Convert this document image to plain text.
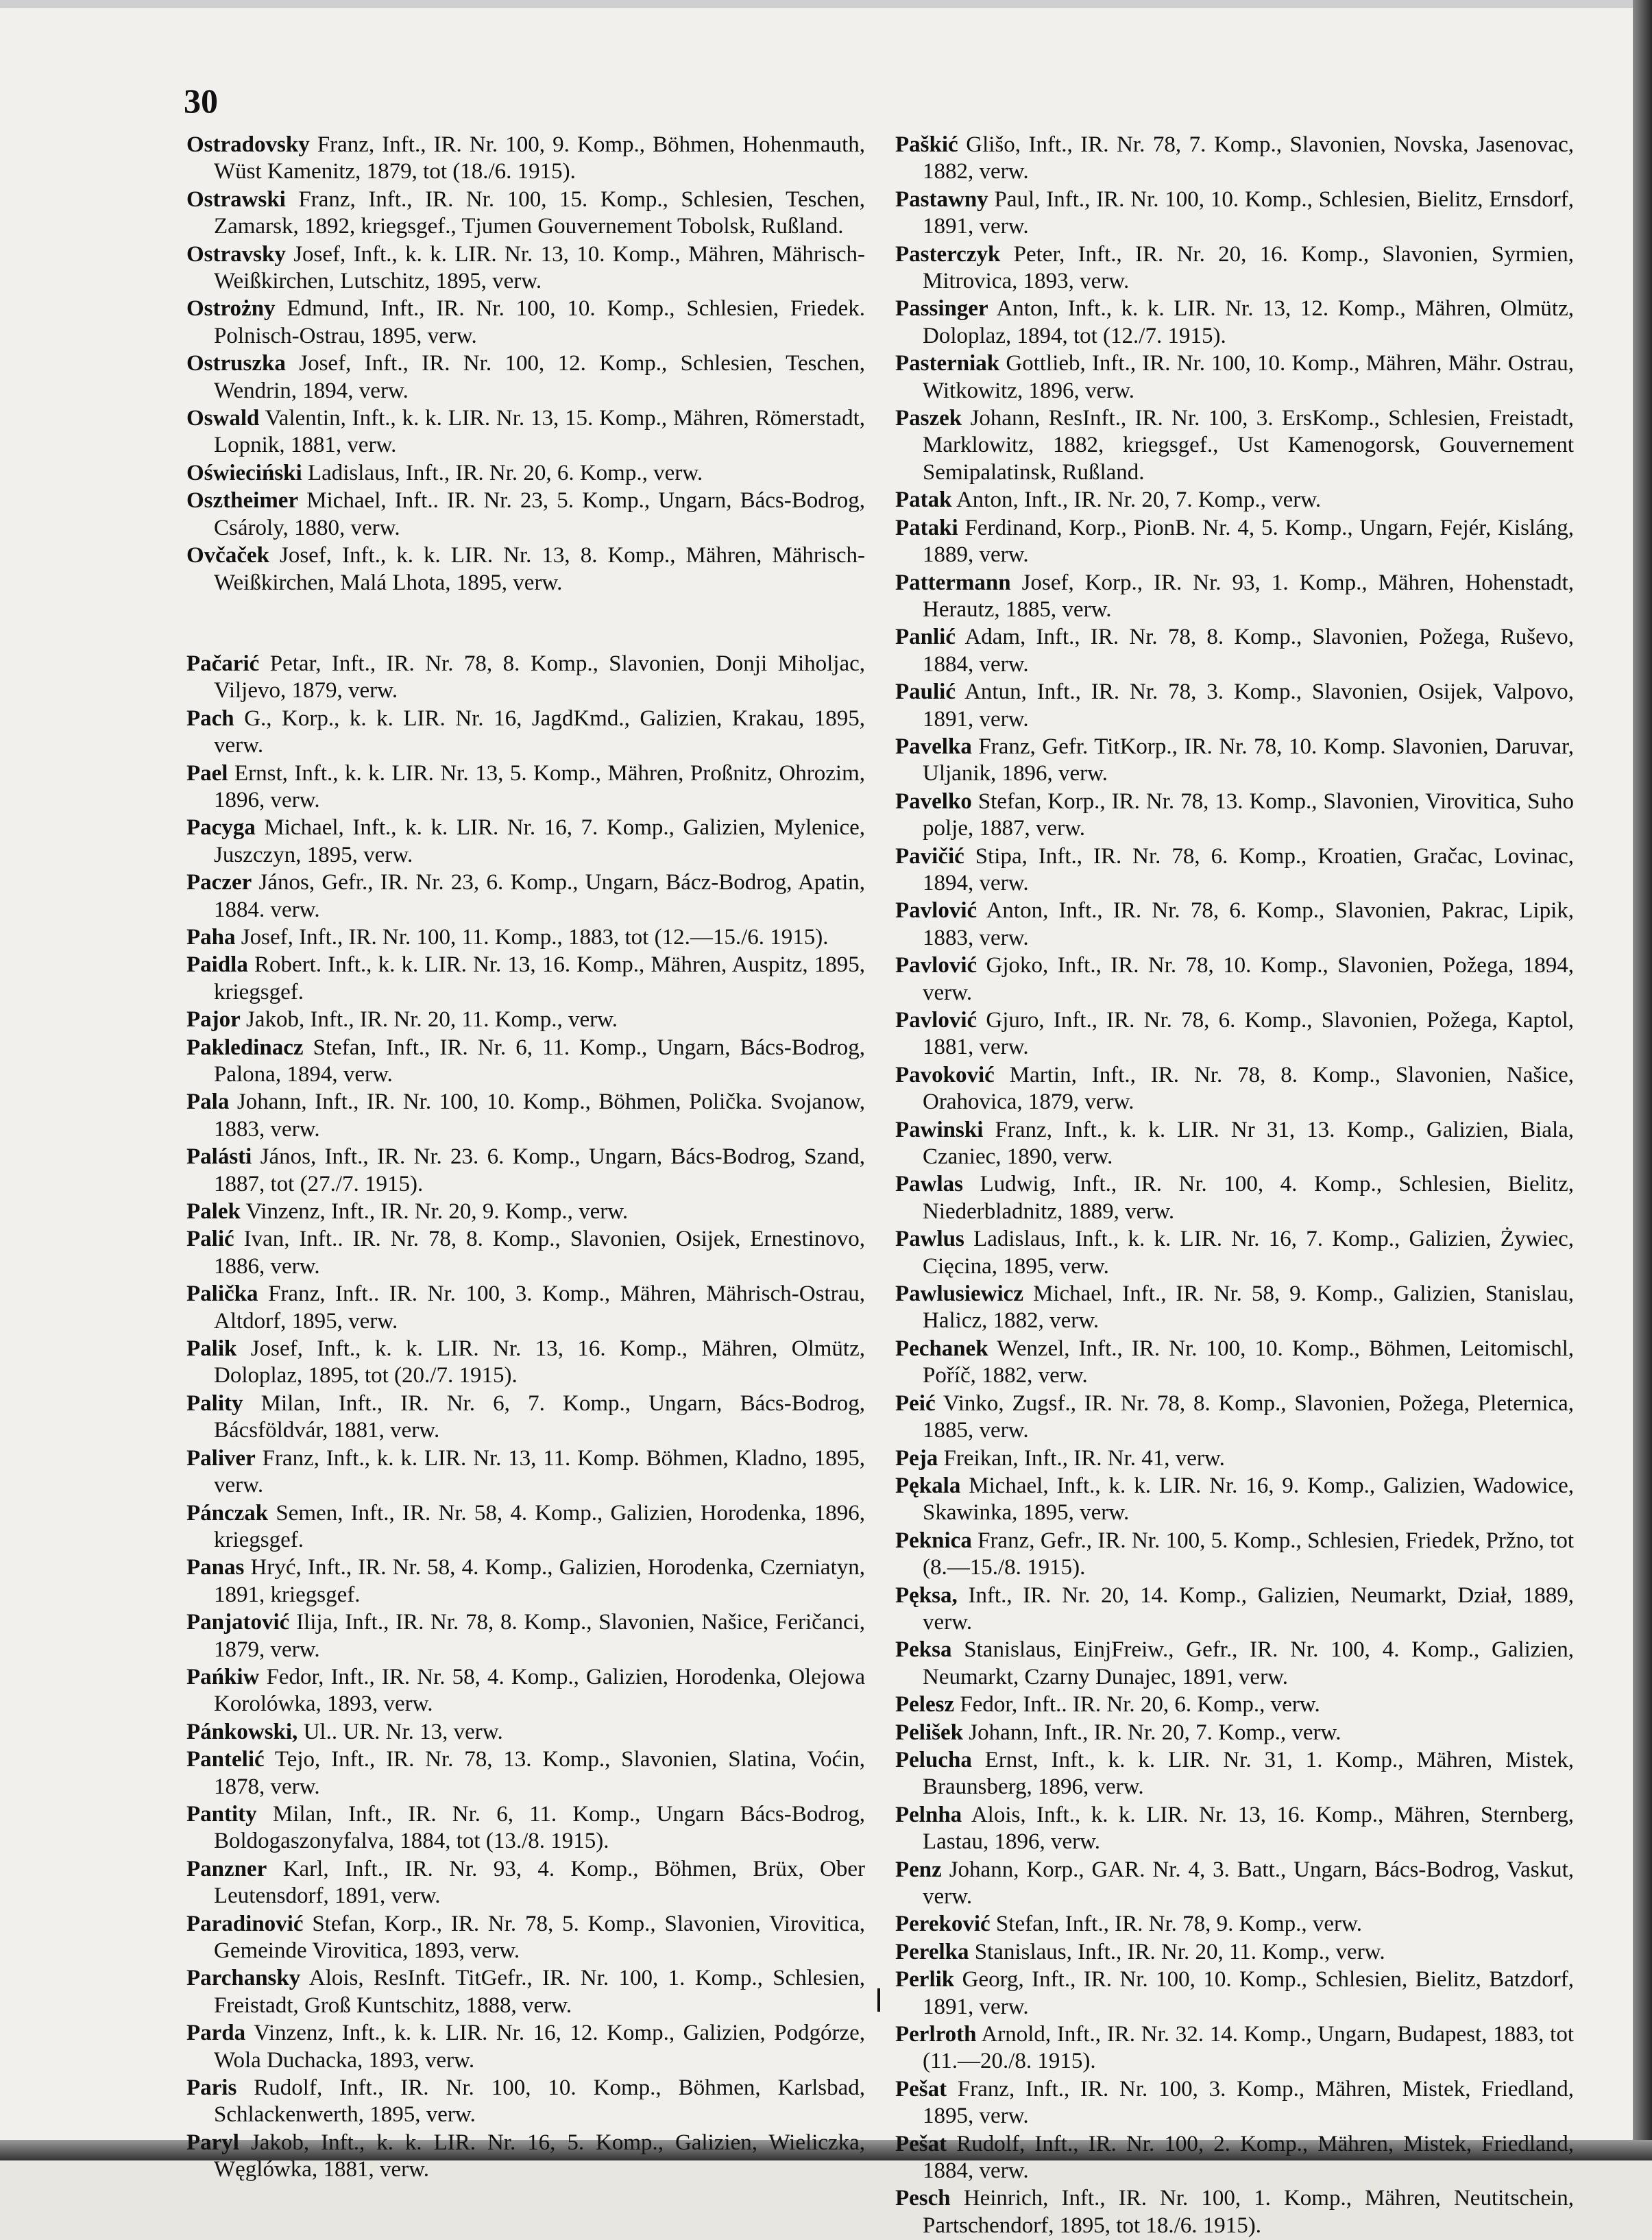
30

Ostradovsky Franz, Inft., IR. Nr. 100, 9. Komp., Böhmen, Hohenmauth, Wüst Kamenitz, 1879, tot (18./6. 1915).

Ostrawski Franz, Inft., IR. Nr. 100, 15. Komp., Schlesien, Teschen, Zamarsk, 1892, kriegsgef., Tjumen Gouvernement Tobolsk, Rußland.

Ostravsky Josef, Inft., k. k. LIR. Nr. 13, 10. Komp., Mähren, Mährisch-Weißkirchen, Lutschitz, 1895, verw.

Ostrożny Edmund, Inft., IR. Nr. 100, 10. Komp., Schlesien, Friedek. Polnisch-Ostrau, 1895, verw.

Ostruszka Josef, Inft., IR. Nr. 100, 12. Komp., Schlesien, Teschen, Wendrin, 1894, verw.

Oswald Valentin, Inft., k. k. LIR. Nr. 13, 15. Komp., Mähren, Römerstadt, Lopnik, 1881, verw.

Oświeciński Ladislaus, Inft., IR. Nr. 20, 6. Komp., verw.

Osztheimer Michael, Inft.. IR. Nr. 23, 5. Komp., Ungarn, Bács-Bodrog, Csároly, 1880, verw.

Ovčaček Josef, Inft., k. k. LIR. Nr. 13, 8. Komp., Mähren, Mährisch-Weißkirchen, Malá Lhota, 1895, verw.

Pačarić Petar, Inft., IR. Nr. 78, 8. Komp., Slavonien, Donji Miholjac, Viljevo, 1879, verw.

Pach G., Korp., k. k. LIR. Nr. 16, JagdKmd., Galizien, Krakau, 1895, verw.

Pael Ernst, Inft., k. k. LIR. Nr. 13, 5. Komp., Mähren, Proßnitz, Ohrozim, 1896, verw.

Pacyga Michael, Inft., k. k. LIR. Nr. 16, 7. Komp., Galizien, Mylenice, Juszczyn, 1895, verw.

Paczer János, Gefr., IR. Nr. 23, 6. Komp., Ungarn, Bácz-Bodrog, Apatin, 1884. verw.

Paha Josef, Inft., IR. Nr. 100, 11. Komp., 1883, tot (12.—15./6. 1915).

Paidla Robert. Inft., k. k. LIR. Nr. 13, 16. Komp., Mähren, Auspitz, 1895, kriegsgef.

Pajor Jakob, Inft., IR. Nr. 20, 11. Komp., verw.

Pakledinacz Stefan, Inft., IR. Nr. 6, 11. Komp., Ungarn, Bács-Bodrog, Palona, 1894, verw.

Pala Johann, Inft., IR. Nr. 100, 10. Komp., Böhmen, Polička. Svojanow, 1883, verw.

Palásti János, Inft., IR. Nr. 23. 6. Komp., Ungarn, Bács-Bodrog, Szand, 1887, tot (27./7. 1915).

Palek Vinzenz, Inft., IR. Nr. 20, 9. Komp., verw.

Palić Ivan, Inft.. IR. Nr. 78, 8. Komp., Slavonien, Osijek, Ernestinovo, 1886, verw.

Palička Franz, Inft.. IR. Nr. 100, 3. Komp., Mähren, Mährisch-Ostrau, Altdorf, 1895, verw.

Palik Josef, Inft., k. k. LIR. Nr. 13, 16. Komp., Mähren, Olmütz, Doloplaz, 1895, tot (20./7. 1915).

Pality Milan, Inft., IR. Nr. 6, 7. Komp., Ungarn, Bács-Bodrog, Bácsföldvár, 1881, verw.

Paliver Franz, Inft., k. k. LIR. Nr. 13, 11. Komp. Böhmen, Kladno, 1895, verw.

Pánczak Semen, Inft., IR. Nr. 58, 4. Komp., Galizien, Horodenka, 1896, kriegsgef.

Panas Hryć, Inft., IR. Nr. 58, 4. Komp., Galizien, Horodenka, Czerniatyn, 1891, kriegsgef.

Panjatović Ilija, Inft., IR. Nr. 78, 8. Komp., Slavonien, Našice, Feričanci, 1879, verw.

Pańkiw Fedor, Inft., IR. Nr. 58, 4. Komp., Galizien, Horodenka, Olejowa Korolówka, 1893, verw.

Pánkowski, Ul.. UR. Nr. 13, verw.

Pantelić Tejo, Inft., IR. Nr. 78, 13. Komp., Slavonien, Slatina, Voćin, 1878, verw.

Pantity Milan, Inft., IR. Nr. 6, 11. Komp., Ungarn Bács-Bodrog, Boldogaszonyfalva, 1884, tot (13./8. 1915).

Panzner Karl, Inft., IR. Nr. 93, 4. Komp., Böhmen, Brüx, Ober Leutensdorf, 1891, verw.

Paradinović Stefan, Korp., IR. Nr. 78, 5. Komp., Slavonien, Virovitica, Gemeinde Virovitica, 1893, verw.

Parchansky Alois, ResInft. TitGefr., IR. Nr. 100, 1. Komp., Schlesien, Freistadt, Groß Kuntschitz, 1888, verw.

Parda Vinzenz, Inft., k. k. LIR. Nr. 16, 12. Komp., Galizien, Podgórze, Wola Duchacka, 1893, verw.

Paris Rudolf, Inft., IR. Nr. 100, 10. Komp., Böhmen, Karlsbad, Schlackenwerth, 1895, verw.

Paryl Jakob, Inft., k. k. LIR. Nr. 16, 5. Komp., Galizien, Wieliczka, Węglówka, 1881, verw.

Paškić Glišo, Inft., IR. Nr. 78, 7. Komp., Slavonien, Novska, Jasenovac, 1882, verw.

Pastawny Paul, Inft., IR. Nr. 100, 10. Komp., Schlesien, Bielitz, Ernsdorf, 1891, verw.

Pasterczyk Peter, Inft., IR. Nr. 20, 16. Komp., Slavonien, Syrmien, Mitrovica, 1893, verw.

Passinger Anton, Inft., k. k. LIR. Nr. 13, 12. Komp., Mähren, Olmütz, Doloplaz, 1894, tot (12./7. 1915).

Pasterniak Gottlieb, Inft., IR. Nr. 100, 10. Komp., Mähren, Mähr. Ostrau, Witkowitz, 1896, verw.

Paszek Johann, ResInft., IR. Nr. 100, 3. ErsKomp., Schlesien, Freistadt, Marklowitz, 1882, kriegsgef., Ust Kamenogorsk, Gouvernement Semipalatinsk, Rußland.

Patak Anton, Inft., IR. Nr. 20, 7. Komp., verw.

Pataki Ferdinand, Korp., PionB. Nr. 4, 5. Komp., Ungarn, Fejér, Kisláng, 1889, verw.

Pattermann Josef, Korp., IR. Nr. 93, 1. Komp., Mähren, Hohenstadt, Herautz, 1885, verw.

Panlić Adam, Inft., IR. Nr. 78, 8. Komp., Slavonien, Požega, Ruševo, 1884, verw.

Paulić Antun, Inft., IR. Nr. 78, 3. Komp., Slavonien, Osijek, Valpovo, 1891, verw.

Pavelka Franz, Gefr. TitKorp., IR. Nr. 78, 10. Komp. Slavonien, Daruvar, Uljanik, 1896, verw.

Pavelko Stefan, Korp., IR. Nr. 78, 13. Komp., Slavonien, Virovitica, Suho polje, 1887, verw.

Pavičić Stipa, Inft., IR. Nr. 78, 6. Komp., Kroatien, Gračac, Lovinac, 1894, verw.

Pavlović Anton, Inft., IR. Nr. 78, 6. Komp., Slavonien, Pakrac, Lipik, 1883, verw.

Pavlović Gjoko, Inft., IR. Nr. 78, 10. Komp., Slavonien, Požega, 1894, verw.

Pavlović Gjuro, Inft., IR. Nr. 78, 6. Komp., Slavonien, Požega, Kaptol, 1881, verw.

Pavoković Martin, Inft., IR. Nr. 78, 8. Komp., Slavonien, Našice, Orahovica, 1879, verw.

Pawinski Franz, Inft., k. k. LIR. Nr 31, 13. Komp., Galizien, Biala, Czaniec, 1890, verw.

Pawlas Ludwig, Inft., IR. Nr. 100, 4. Komp., Schlesien, Bielitz, Niederbladnitz, 1889, verw.

Pawlus Ladislaus, Inft., k. k. LIR. Nr. 16, 7. Komp., Galizien, Żywiec, Cięcina, 1895, verw.

Pawlusiewicz Michael, Inft., IR. Nr. 58, 9. Komp., Galizien, Stanislau, Halicz, 1882, verw.

Pechanek Wenzel, Inft., IR. Nr. 100, 10. Komp., Böhmen, Leitomischl, Poříč, 1882, verw.

Peić Vinko, Zugsf., IR. Nr. 78, 8. Komp., Slavonien, Požega, Pleternica, 1885, verw.

Peja Freikan, Inft., IR. Nr. 41, verw.

Pękala Michael, Inft., k. k. LIR. Nr. 16, 9. Komp., Galizien, Wadowice, Skawinka, 1895, verw.

Peknica Franz, Gefr., IR. Nr. 100, 5. Komp., Schlesien, Friedek, Pržno, tot (8.—15./8. 1915).

Pęksa, Inft., IR. Nr. 20, 14. Komp., Galizien, Neumarkt, Dział, 1889, verw.

Peksa Stanislaus, EinjFreiw., Gefr., IR. Nr. 100, 4. Komp., Galizien, Neumarkt, Czarny Dunajec, 1891, verw.

Pelesz Fedor, Inft.. IR. Nr. 20, 6. Komp., verw.

Pelišek Johann, Inft., IR. Nr. 20, 7. Komp., verw.

Pelucha Ernst, Inft., k. k. LIR. Nr. 31, 1. Komp., Mähren, Mistek, Braunsberg, 1896, verw.

Pelnha Alois, Inft., k. k. LIR. Nr. 13, 16. Komp., Mähren, Sternberg, Lastau, 1896, verw.

Penz Johann, Korp., GAR. Nr. 4, 3. Batt., Ungarn, Bács-Bodrog, Vaskut, verw.

Pereković Stefan, Inft., IR. Nr. 78, 9. Komp., verw.

Perelka Stanislaus, Inft., IR. Nr. 20, 11. Komp., verw.

Perlik Georg, Inft., IR. Nr. 100, 10. Komp., Schlesien, Bielitz, Batzdorf, 1891, verw.

Perlroth Arnold, Inft., IR. Nr. 32. 14. Komp., Ungarn, Budapest, 1883, tot (11.—20./8. 1915).

Pešat Franz, Inft., IR. Nr. 100, 3. Komp., Mähren, Mistek, Friedland, 1895, verw.

Pešat Rudolf, Inft., IR. Nr. 100, 2. Komp., Mähren, Mistek, Friedland, 1884, verw.

Pesch Heinrich, Inft., IR. Nr. 100, 1. Komp., Mähren, Neutitschein, Partschendorf, 1895, tot 18./6. 1915).
